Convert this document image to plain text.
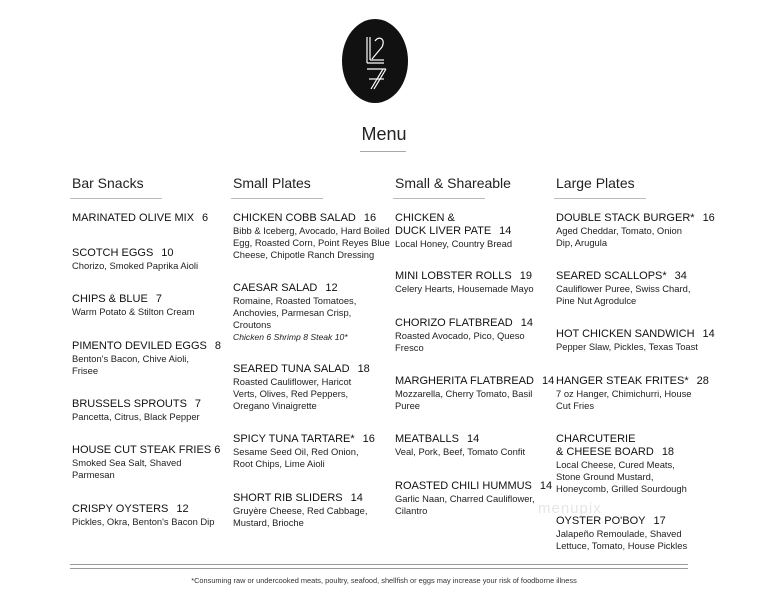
Menu
Bar Snacks
MARINATED OLIVE MIX 6
SCOTCH EGGS 10
Chorizo, Smoked Paprika Aioli
CHIPS & BLUE 7
Warm Potato & Stilton Cream
PIMENTO DEVILED EGGS 8
Benton's Bacon, Chive Aioli,
Frisee
BRUSSELS SPROUTS 7
Pancetta, Citrus, Black Pepper
HOUSE CUT STEAK FRIES 6
Smoked Sea Salt, Shaved
Parmesan
CRISPY OYSTERS 12
Pickles, Okra, Benton's Bacon Dip
Small Plates
CHICKEN COBB SALAD 16
Bibb & Iceberg, Avocado, Hard Boiled
Egg, Roasted Corn, Point Reyes Blue
Cheese, Chipotle Ranch Dressing
CAESAR SALAD 12
Romaine, Roasted Tomatoes,
Anchovies, Parmesan Crisp,
Croutons
Chicken 6 Shrimp 8 Steak 10*
SEARED TUNA SALAD 18
Roasted Cauliflower, Haricot
Verts, Olives, Red Peppers,
Oregano Vinaigrette
SPICY TUNA TARTARE* 16
Sesame Seed Oil, Red Onion,
Root Chips, Lime Aioli
SHORT RIB SLIDERS 14
Gruyère Cheese, Red Cabbage,
Mustard, Brioche
Small & Shareable
CHICKEN &
DUCK LIVER PATE 14
Local Honey, Country Bread
MINI LOBSTER ROLLS 19
Celery Hearts, Housemade Mayo
CHORIZO FLATBREAD 14
Roasted Avocado, Pico, Queso
Fresco
MARGHERITA FLATBREAD 14
Mozzarella, Cherry Tomato, Basil
Puree
MEATBALLS 14
Veal, Pork, Beef, Tomato Confit
ROASTED CHILI HUMMUS 14
Garlic Naan, Charred Cauliflower,
Cilantro
Large Plates
DOUBLE STACK BURGER* 16
Aged Cheddar, Tomato, Onion
Dip, Arugula
SEARED SCALLOPS* 34
Cauliflower Puree, Swiss Chard,
Pine Nut Agrodulce
HOT CHICKEN SANDWICH 14
Pepper Slaw, Pickles, Texas Toast
HANGER STEAK FRITES* 28
7 oz Hanger, Chimichurri, House
Cut Fries
CHARCUTERIE
& CHEESE BOARD 18
Local Cheese, Cured Meats,
Stone Ground Mustard,
Honeycomb, Grilled Sourdough
OYSTER PO'BOY 17
Jalapeño Remoulade, Shaved
Lettuce, Tomato, House Pickles
menupix
*Consuming raw or undercooked meats, poultry, seafood, shellfish or eggs may increase your risk of foodborne illness
